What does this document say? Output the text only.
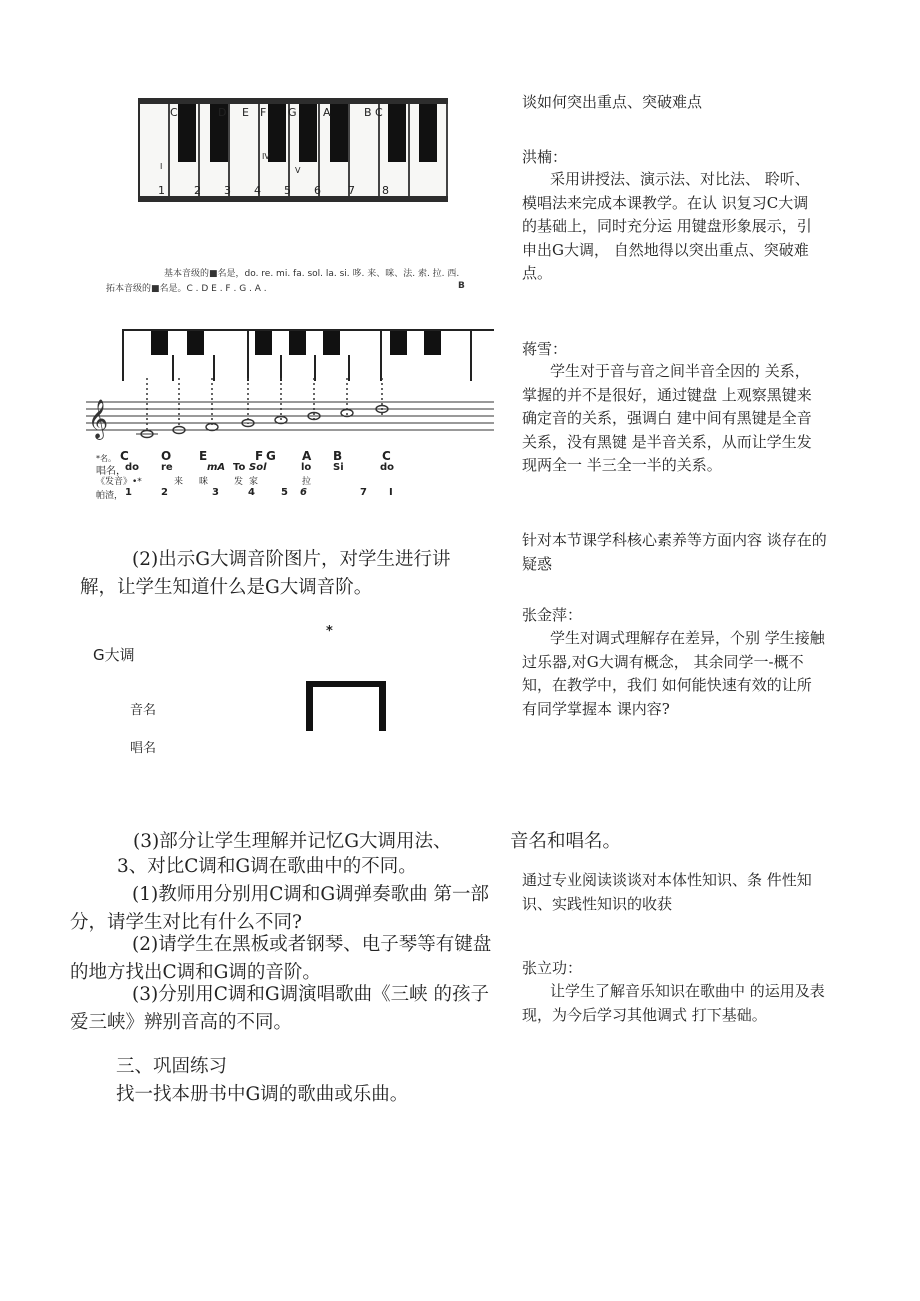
C	D E F G A	B C
I
IV
V
1	2 3 4 5 6 7 8
基本音级的■名是，do. re. mi. fa. sol. la. si. 哆. 来、咪、法. 索. 拉. 西.
拓本音级的■名是。C . D E . F . G . A .	B
𝄞
*名。 C	O E	F G A B	C
唱名， do re	mA To Sol	lo Si	do
《发音》•*	来 咪	发 家	拉
帕渣， 1	2	3	4	5 6	7 I
(2)出示G大调音阶图片，对学生进行讲解，让学生知道什么是G大调音阶。
*
G大调
音名
唱名
(3)部分让学生理解并记忆G大调用法、	音名和唱名。
3、对比C调和G调在歌曲中的不同。
(1)教师用分别用C调和G调弹奏歌曲 第一部分，请学生对比有什么不同?
(2)请学生在黑板或者钢琴、电子琴等有键盘的地方找出C调和G调的音阶。
(3)分别用C调和G调演唱歌曲《三峡 的孩子爱三峡》辨别音高的不同。
三、巩固练习
找一找本册书中G调的歌曲或乐曲。
谈如何突出重点、突破难点
洪楠：

采用讲授法、演示法、对比法、 聆听、模唱法来完成本课教学。在认 识复习C大调的基础上，同时充分运 用键盘形象展示，引申出G大调， 自然地得以突出重点、突破难点。

蒋雪：

学生对于音与音之间半音全因的 关系，掌握的并不是很好，通过键盘 上观察黑键来确定音的关系，强调白 建中间有黑键是全音关系，没有黑键 是半音关系，从而让学生发现两全一 半三全一半的关系。

针对本节课学科核心素养等方面内容 谈存在的疑惑
张金萍：

学生对调式理解存在差异，个别 学生接触过乐器,对G大调有概念， 其余同学一-概不知，在教学中，我们 如何能快速有效的让所有同学掌握本 课内容?

通过专业阅读谈谈对本体性知识、条 件性知识、实践性知识的收获
张立功：

让学生了解音乐知识在歌曲中 的运用及表现，为今后学习其他调式 打下基础。
